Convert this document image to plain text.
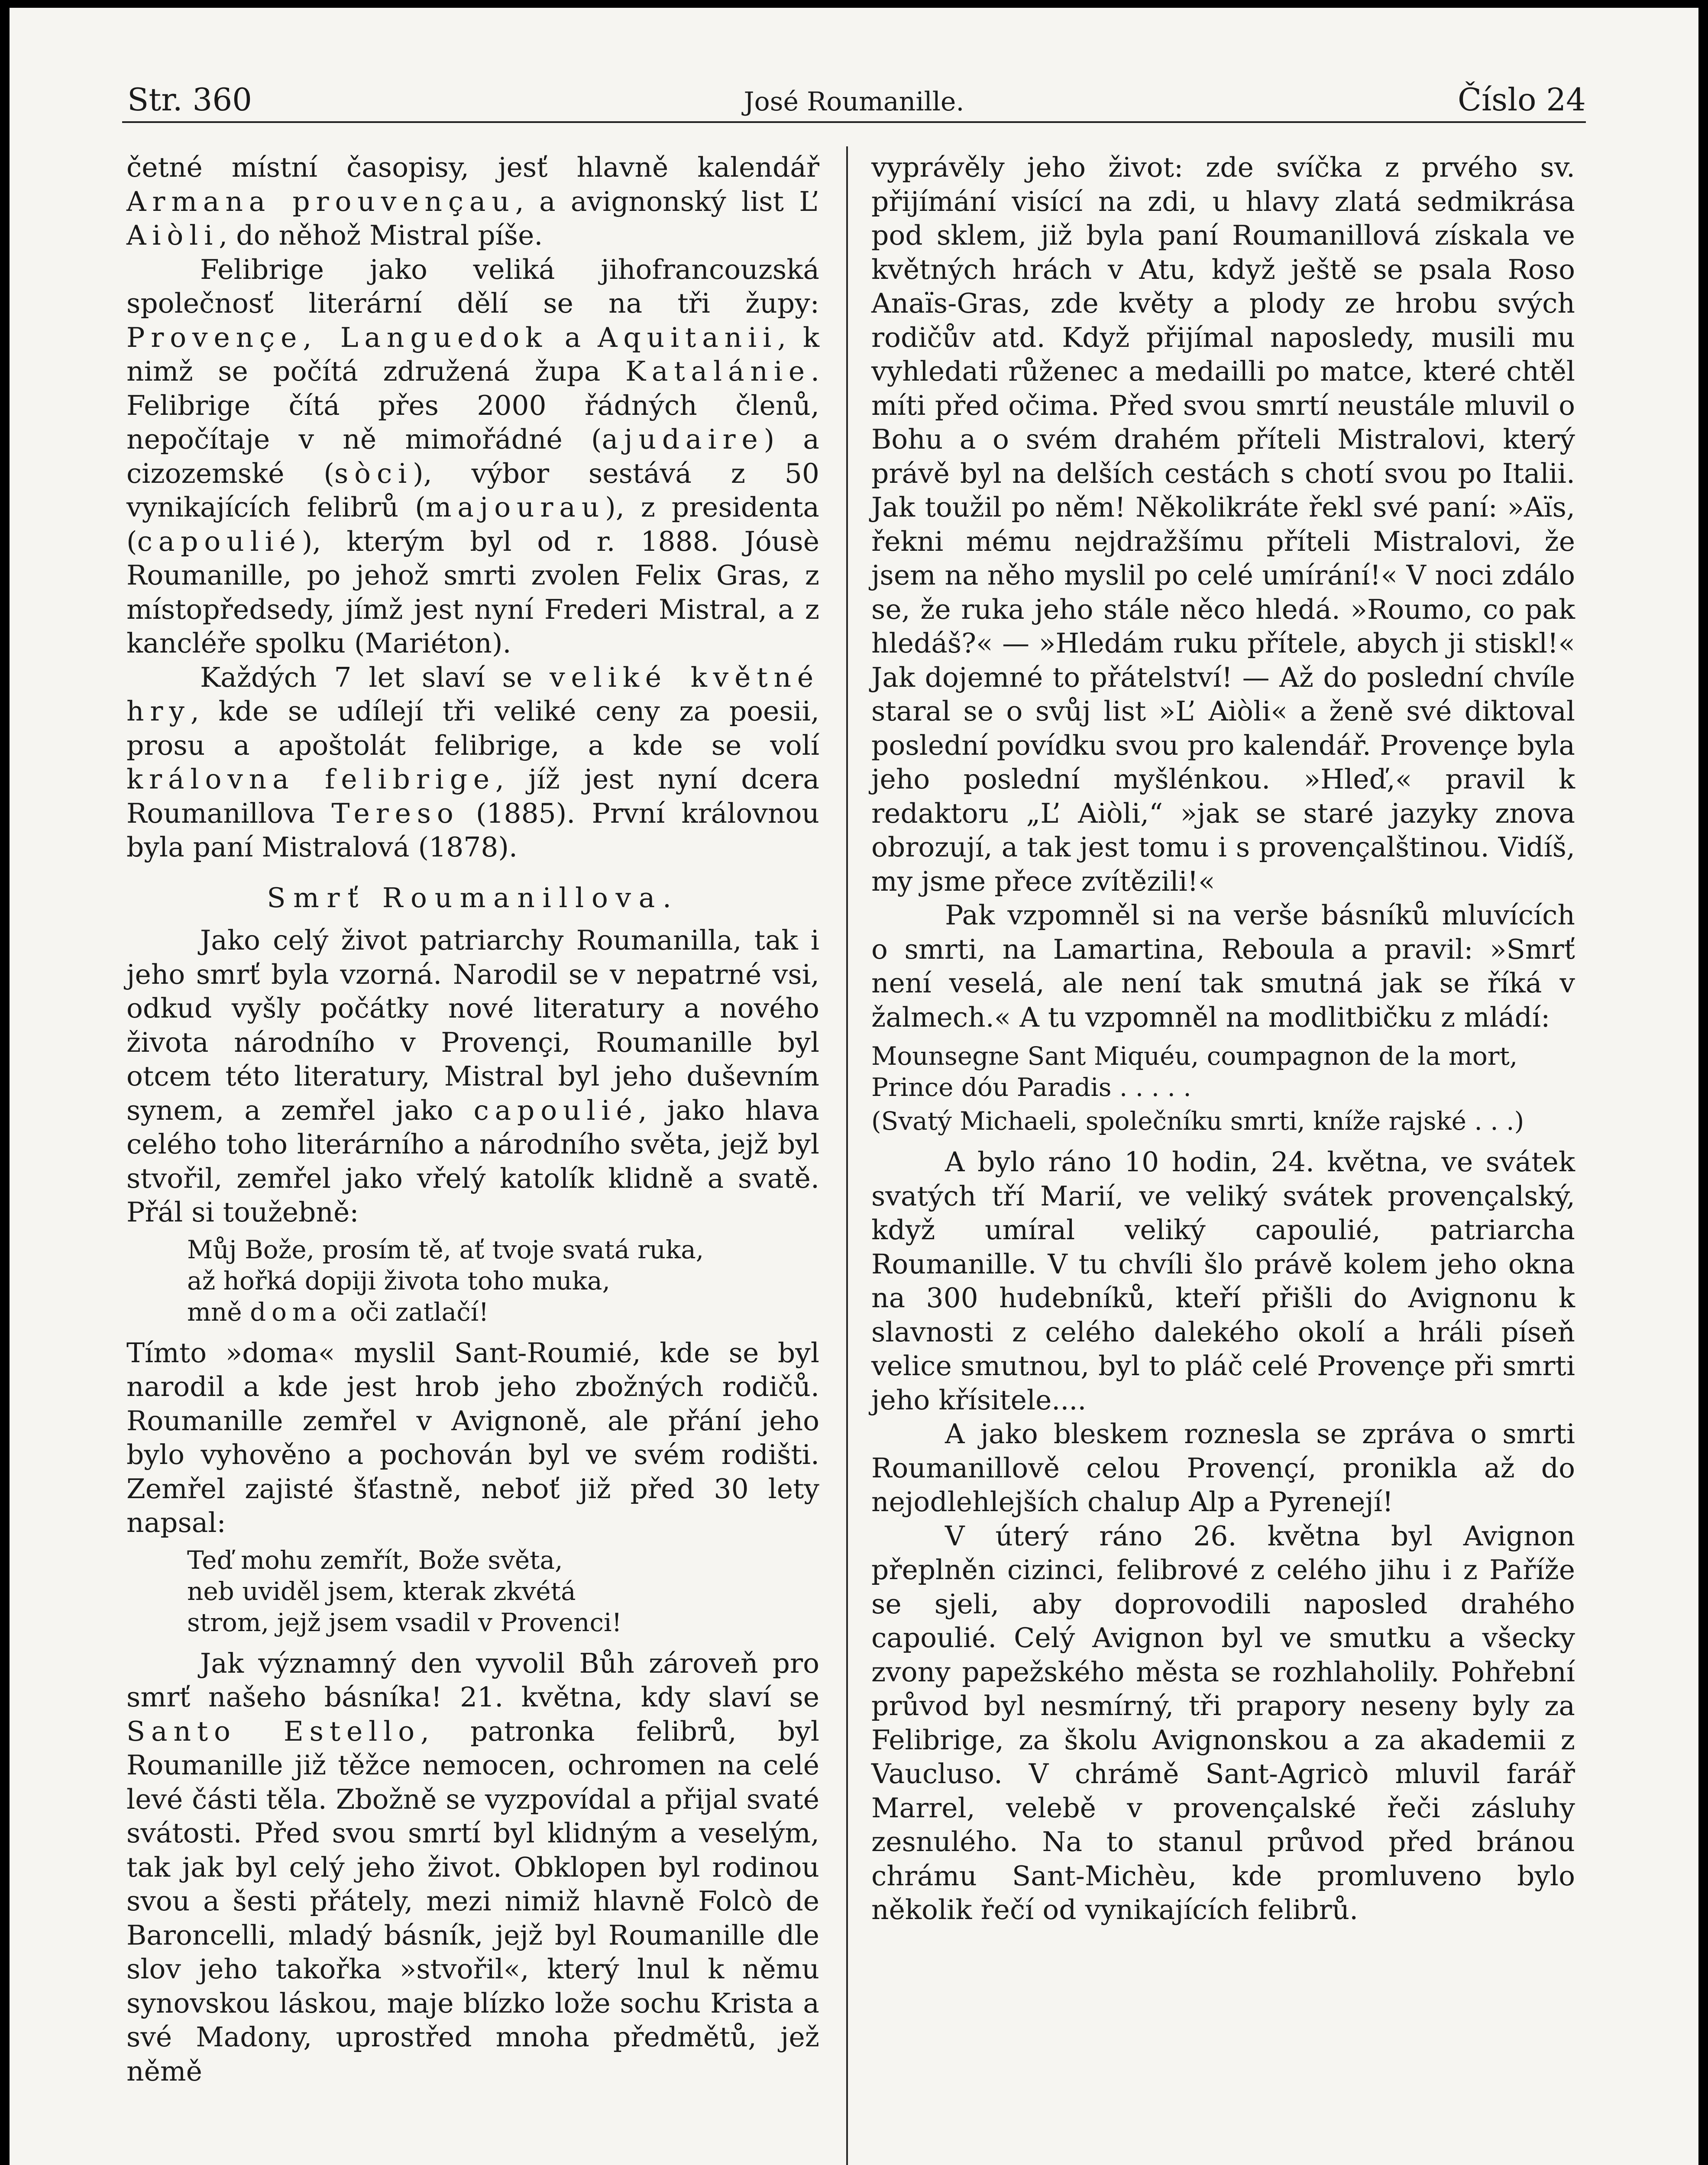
Str. 360	José Roumanille.	Číslo 24

četné místní časopisy, jesť hlavně kalendář Armana prouvençau, a avignonský list L’ Aiòli, do něhož Mistral píše.

Felibrige jako veliká jihofrancouzská společnosť literární dělí se na tři župy: Provençe, Languedok a Aquitanii, k nimž se počítá združená župa Katalánie. Felibrige čítá přes 2000 řádných členů, nepočítaje v ně mimořádné (ajudaire) a cizozemské (sòci), výbor sestává z 50 vynikajících felibrů (majourau), z presidenta (capoulié), kterým byl od r. 1888. Jóusè Roumanille, po jehož smrti zvolen Felix Gras, z místopředsedy, jímž jest nyní Frederi Mistral, a z kancléře spolku (Mariéton).

Každých 7 let slaví se veliké květné hry, kde se udílejí tři veliké ceny za poesii, prosu a apoštolát felibrige, a kde se volí královna felibrige, jíž jest nyní dcera Roumanillova Tereso (1885). První královnou byla paní Mistralová (1878).

Smrť Roumanillova.

Jako celý život patriarchy Roumanilla, tak i jeho smrť byla vzorná. Narodil se v nepatrné vsi, odkud vyšly počátky nové literatury a nového života národního v Provençi, Roumanille byl otcem této literatury, Mistral byl jeho duševním synem, a zemřel jako capoulié, jako hlava celého toho literárního a národního světa, jejž byl stvořil, zemřel jako vřelý katolík klidně a svatě. Přál si toužebně:

Můj Bože, prosím tě, ať tvoje svatá ruka,
až hořká dopiji života toho muka,
mně doma oči zatlačí!

Tímto »doma« myslil Sant-Roumié, kde se byl narodil a kde jest hrob jeho zbožných rodičů. Roumanille zemřel v Avignoně, ale přání jeho bylo vyhověno a pochován byl ve svém rodišti. Zemřel zajisté šťastně, neboť již před 30 lety napsal:

Teď mohu zemřít, Bože světa,
neb uviděl jsem, kterak zkvétá
strom, jejž jsem vsadil v Provenci!

Jak významný den vyvolil Bůh zároveň pro smrť našeho básníka! 21. května, kdy slaví se Santo Estello, patronka felibrů, byl Roumanille již těžce nemocen, ochromen na celé levé části těla. Zbožně se vyzpovídal a přijal svaté svátosti. Před svou smrtí byl klidným a veselým, tak jak byl celý jeho život. Obklopen byl rodinou svou a šesti přátely, mezi nimiž hlavně Folcò de Baroncelli, mladý básník, jejž byl Roumanille dle slov jeho takořka »stvořil«, který lnul k němu synovskou láskou, maje blízko lože sochu Krista a své Madony, uprostřed mnoha předmětů, jež němě

vyprávěly jeho život: zde svíčka z prvého sv. přijímání visící na zdi, u hlavy zlatá sedmikrása pod sklem, již byla paní Roumanillová získala ve květných hrách v Atu, když ještě se psala Roso Anaïs-Gras, zde květy a plody ze hrobu svých rodičův atd. Když přijímal naposledy, musili mu vyhledati růženec a medailli po matce, které chtěl míti před očima. Před svou smrtí neustále mluvil o Bohu a o svém drahém příteli Mistralovi, který právě byl na delších cestách s chotí svou po Italii. Jak toužil po něm! Několikráte řekl své paní: »Aïs, řekni mému nejdražšímu příteli Mistralovi, že jsem na něho myslil po celé umírání!« V noci zdálo se, že ruka jeho stále něco hledá. »Roumo, co pak hledáš?« — »Hledám ruku přítele, abych ji stiskl!« Jak dojemné to přátelství! — Až do poslední chvíle staral se o svůj list »L’ Aiòli« a ženě své diktoval poslední povídku svou pro kalendář. Provençe byla jeho poslední myšlénkou. »Hleď,« pravil k redaktoru „L’ Aiòli,“ »jak se staré jazyky znova obrozují, a tak jest tomu i s provençalštinou. Vidíš, my jsme přece zvítězili!«

Pak vzpomněl si na verše básníků mluvících o smrti, na Lamartina, Reboula a pravil: »Smrť není veselá, ale není tak smutná jak se říká v žalmech.« A tu vzpomněl na modlitbičku z mládí:

Mounsegne Sant Miquéu, coumpagnon de la mort,
Prince dóu Paradis . . . . .
(Svatý Michaeli, společníku smrti, kníže rajské . . .)

A bylo ráno 10 hodin, 24. května, ve svátek svatých tří Marií, ve veliký svátek provençalský, když umíral veliký capoulié, patriarcha Roumanille. V tu chvíli šlo právě kolem jeho okna na 300 hudebníků, kteří přišli do Avignonu k slavnosti z celého dalekého okolí a hráli píseň velice smutnou, byl to pláč celé Provençe při smrti jeho křísitele....

A jako bleskem roznesla se zpráva o smrti Roumanillově celou Provençí, pronikla až do nejodlehlejších chalup Alp a Pyrenejí!

V úterý ráno 26. května byl Avignon přeplněn cizinci, felibrové z celého jihu i z Paříže se sjeli, aby doprovodili naposled drahého capoulié. Celý Avignon byl ve smutku a všecky zvony papežského města se rozhlaholily. Pohřební průvod byl nesmírný, tři prapory neseny byly za Felibrige, za školu Avignonskou a za akademii z Vaucluso. V chrámě Sant-Agricò mluvil farář Marrel, velebě v provençalské řeči zásluhy zesnulého. Na to stanul průvod před bránou chrámu Sant-Michèu, kde promluveno bylo několik řečí od vynikajících felibrů.
